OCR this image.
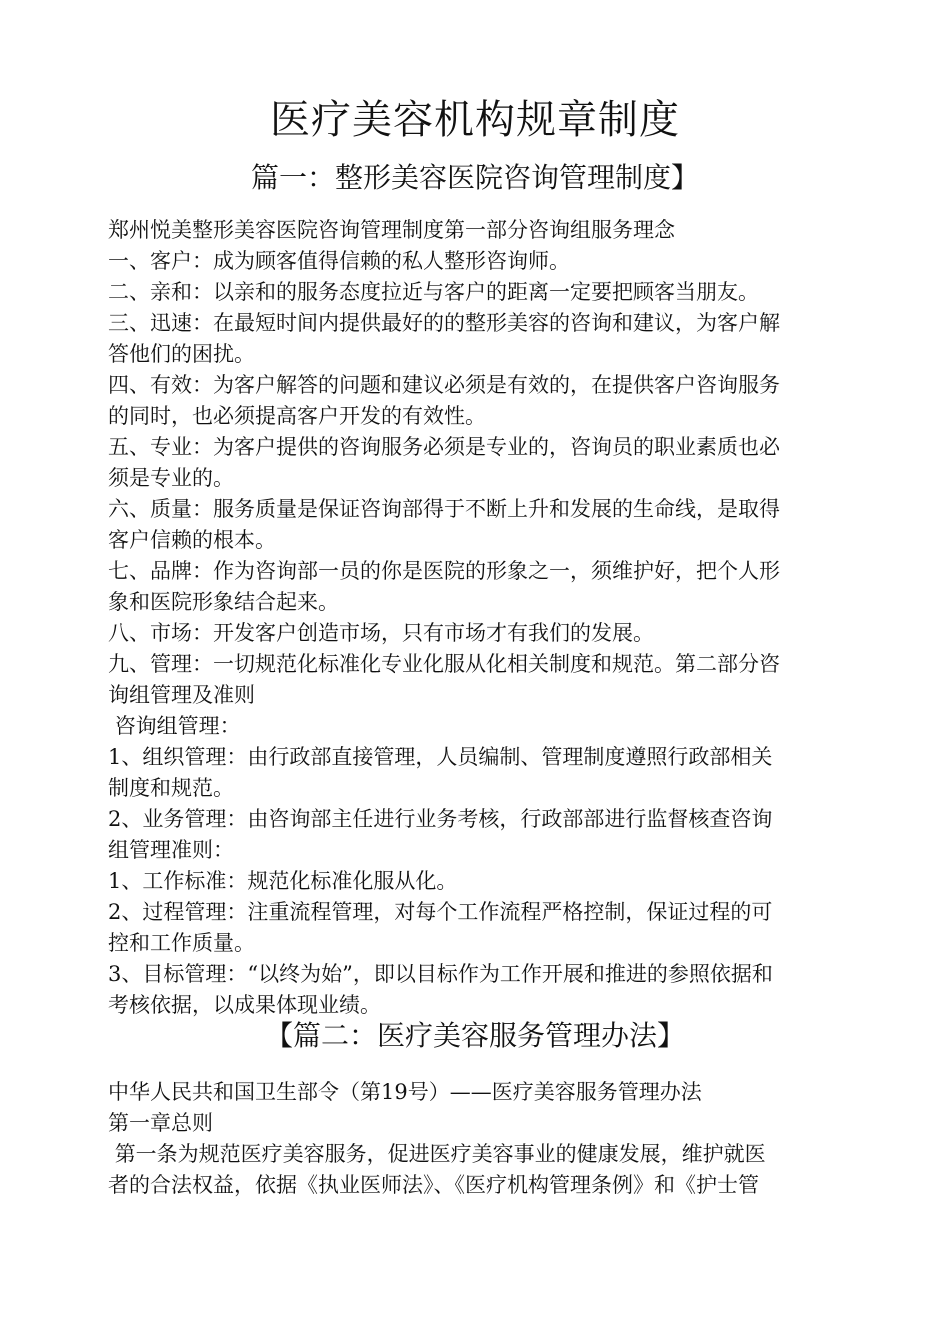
医疗美容机构规章制度
篇一：整形美容医院咨询管理制度】

郑州悦美整形美容医院咨询管理制度第一部分咨询组服务理念

一、客户：成为顾客值得信赖的私人整形咨询师。

二、亲和：以亲和的服务态度拉近与客户的距离一定要把顾客当朋友。

三、迅速：在最短时间内提供最好的的整形美容的咨询和建议，为客户解

答他们的困扰。

四、有效：为客户解答的问题和建议必须是有效的，在提供客户咨询服务

的同时，也必须提高客户开发的有效性。

五、专业：为客户提供的咨询服务必须是专业的，咨询员的职业素质也必

须是专业的。

六、质量：服务质量是保证咨询部得于不断上升和发展的生命线，是取得

客户信赖的根本。

七、品牌：作为咨询部一员的你是医院的形象之一，须维护好，把个人形

象和医院形象结合起来。

八、市场：开发客户创造市场，只有市场才有我们的发展。

九、管理：一切规范化标准化专业化服从化相关制度和规范。第二部分咨

询组管理及准则

咨询组管理：

1、组织管理：由行政部直接管理，人员编制、管理制度遵照行政部相关

制度和规范。

2、业务管理：由咨询部主任进行业务考核，行政部部进行监督核查咨询

组管理准则：

1、工作标准：规范化标准化服从化。

2、过程管理：注重流程管理，对每个工作流程严格控制，保证过程的可

控和工作质量。

3、目标管理：“以终为始”，即以目标作为工作开展和推进的参照依据和

考核依据，以成果体现业绩。

【篇二：医疗美容服务管理办法】

中华人民共和国卫生部令（第19号）——医疗美容服务管理办法

第一章总则

第一条为规范医疗美容服务，促进医疗美容事业的健康发展，维护就医

者的合法权益，依据《执业医师法》、《医疗机构管理条例》和《护士管
